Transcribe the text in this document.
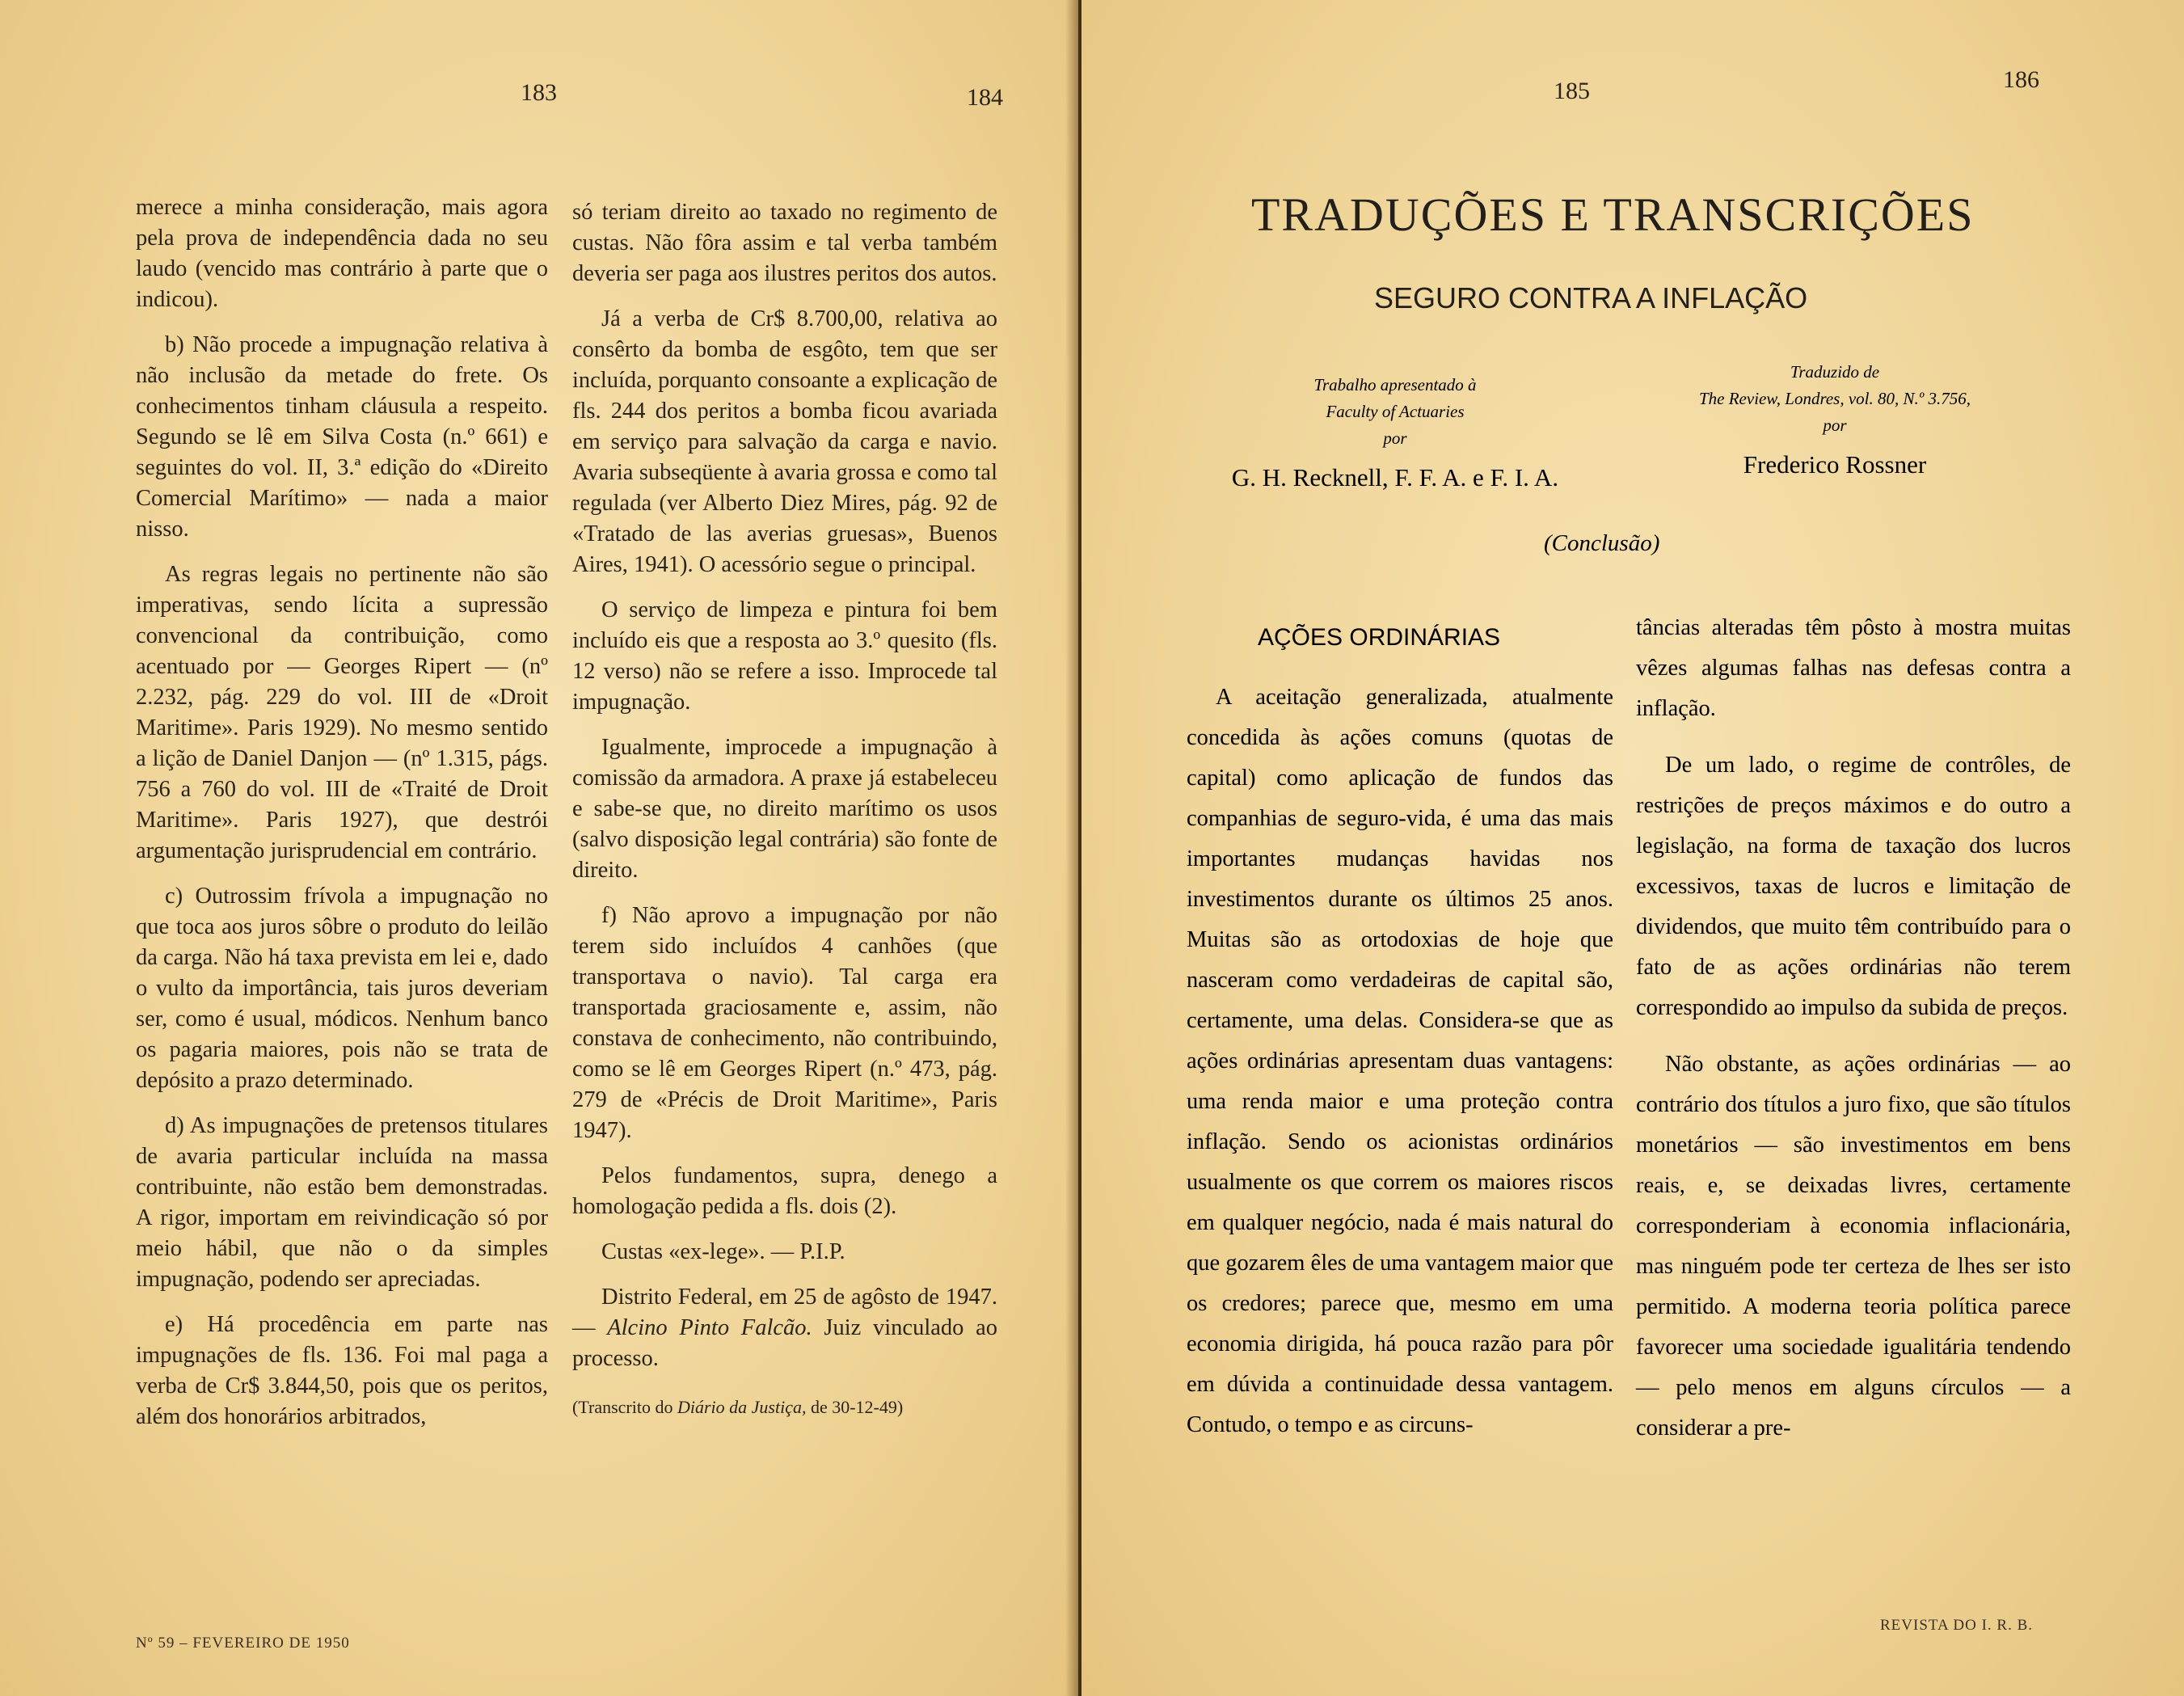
183	184

merece a minha consideração, mais agora pela prova de independência dada no seu laudo (vencido mas contrário à parte que o indicou).

b) Não procede a impugnação relativa à não inclusão da metade do frete. Os conhecimentos tinham cláusula a respeito. Segundo se lê em Silva Costa (n.º 661) e seguintes do vol. II, 3.ª edição do «Direito Comercial Marítimo» — nada a maior nisso.

As regras legais no pertinente não são imperativas, sendo lícita a supressão convencional da contribuição, como acentuado por — Georges Ripert — (nº 2.232, pág. 229 do vol. III de «Droit Maritime». Paris 1929). No mesmo sentido a lição de Daniel Danjon — (nº 1.315, págs. 756 a 760 do vol. III de «Traité de Droit Maritime». Paris 1927), que destrói argumentação jurisprudencial em contrário.

c) Outrossim frívola a impugnação no que toca aos juros sôbre o produto do leilão da carga. Não há taxa prevista em lei e, dado o vulto da importância, tais juros deveriam ser, como é usual, módicos. Nenhum banco os pagaria maiores, pois não se trata de depósito a prazo determinado.

d) As impugnações de pretensos titulares de avaria particular incluída na massa contribuinte, não estão bem demonstradas. A rigor, importam em reivindicação só por meio hábil, que não o da simples impugnação, podendo ser apreciadas.

e) Há procedência em parte nas impugnações de fls. 136. Foi mal paga a verba de Cr$ 3.844,50, pois que os peritos, além dos honorários arbitrados,

só teriam direito ao taxado no regimento de custas. Não fôra assim e tal verba também deveria ser paga aos ilustres peritos dos autos.

Já a verba de Cr$ 8.700,00, relativa ao consêrto da bomba de esgôto, tem que ser incluída, porquanto consoante a explicação de fls. 244 dos peritos a bomba ficou avariada em serviço para salvação da carga e navio. Avaria subseqüente à avaria grossa e como tal regulada (ver Alberto Diez Mires, pág. 92 de «Tratado de las averias gruesas», Buenos Aires, 1941). O acessório segue o principal.

O serviço de limpeza e pintura foi bem incluído eis que a resposta ao 3.º quesito (fls. 12 verso) não se refere a isso. Improcede tal impugnação.

Igualmente, improcede a impugnação à comissão da armadora. A praxe já estabeleceu e sabe-se que, no direito marítimo os usos (salvo disposição legal contrária) são fonte de direito.

f) Não aprovo a impugnação por não terem sido incluídos 4 canhões (que transportava o navio). Tal carga era transportada graciosamente e, assim, não constava de conhecimento, não contribuindo, como se lê em Georges Ripert (n.º 473, pág. 279 de «Précis de Droit Maritime», Paris 1947).

Pelos fundamentos, supra, denego a homologação pedida a fls. dois (2).

Custas «ex-lege». — P.I.P.

Distrito Federal, em 25 de agôsto de 1947. — Alcino Pinto Falcão. Juiz vinculado ao processo.

(Transcrito do Diário da Justiça, de 30-12-49)

Nº 59 – FEVEREIRO DE 1950
185	186
TRADUÇÕES E TRANSCRIÇÕES
SEGURO CONTRA A INFLAÇÃO
Trabalho apresentado à
Faculty of Actuaries
por
G. H. Recknell, F. F. A. e F. I. A.
Traduzido de
The Review, Londres, vol. 80, N.º 3.756,
por
Frederico Rossner
(Conclusão)
AÇÕES ORDINÁRIAS

A aceitação generalizada, atualmente concedida às ações comuns (quotas de capital) como aplicação de fundos das companhias de seguro-vida, é uma das mais importantes mudanças havidas nos investimentos durante os últimos 25 anos. Muitas são as ortodoxias de hoje que nasceram como verdadeiras de capital são, certamente, uma delas. Considera-se que as ações ordinárias apresentam duas vantagens: uma renda maior e uma proteção contra inflação. Sendo os acionistas ordinários usualmente os que correm os maiores riscos em qualquer negócio, nada é mais natural do que gozarem êles de uma vantagem maior que os credores; parece que, mesmo em uma economia dirigida, há pouca razão para pôr em dúvida a continuidade dessa vantagem. Contudo, o tempo e as circuns-

tâncias alteradas têm pôsto à mostra muitas vêzes algumas falhas nas defesas contra a inflação.

De um lado, o regime de contrôles, de restrições de preços máximos e do outro a legislação, na forma de taxação dos lucros excessivos, taxas de lucros e limitação de dividendos, que muito têm contribuído para o fato de as ações ordinárias não terem correspondido ao impulso da subida de preços.

Não obstante, as ações ordinárias — ao contrário dos títulos a juro fixo, que são títulos monetários — são investimentos em bens reais, e, se deixadas livres, certamente corresponderiam à economia inflacionária, mas ninguém pode ter certeza de lhes ser isto permitido. A moderna teoria política parece favorecer uma sociedade igualitária tendendo — pelo menos em alguns círculos — a considerar a pre-

REVISTA DO I. R. B.
